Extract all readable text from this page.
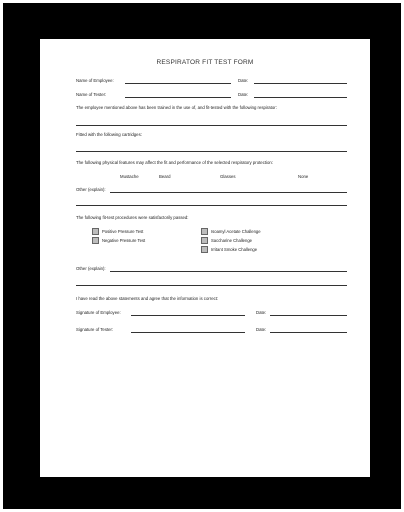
RESPIRATOR FIT TEST FORM
Name of Employee:	Date:
Name of Tester:	Date:
The employee mentioned above has been trained in the use of, and fit-tested with the following respirator:
Fitted with the following cartridges:
The following physical features may affect the fit and performance of the selected respiratory protection:
Mustache	Beard	Glasses	None
Other (explain):
The following fit-test procedures were satisfactorily passed:
Positive Pressure Test
Negative Pressure Test
Isoamyl Acetate Challenge
Saccharine Challenge
Irritant Smoke Challenge
Other (explain):
I have read the above statements and agree that the information is correct:
Signature of Employee:	Date:
Signature of Tester:	Date:
